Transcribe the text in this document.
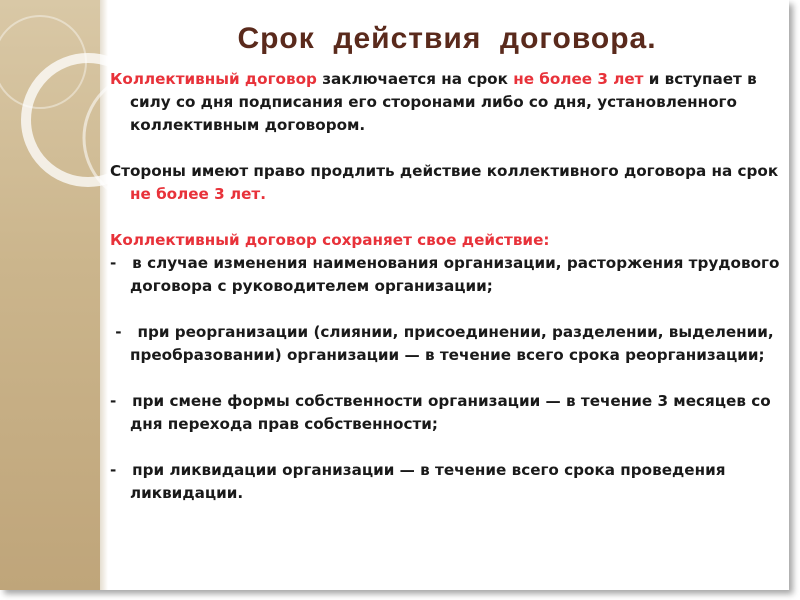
Срок  действия  договора.

Коллективный договор заключается на срок не более 3 лет и вступает в силу со дня подписания его сторонами либо со дня, установленного коллективным договором.

Стороны имеют право продлить действие коллективного договора на срок не более 3 лет.

Коллективный договор сохраняет свое действие:

-   в случае изменения наименования организации, расторжения трудового договора с руководителем организации;

-   при реорганизации (слиянии, присоединении, разделении, выделении, преобразовании) организации — в течение всего срока реорганизации;

-   при смене формы собственности организации — в течение 3 месяцев со дня перехода прав собственности;

-   при ликвидации организации — в течение всего срока проведения ликвидации.
